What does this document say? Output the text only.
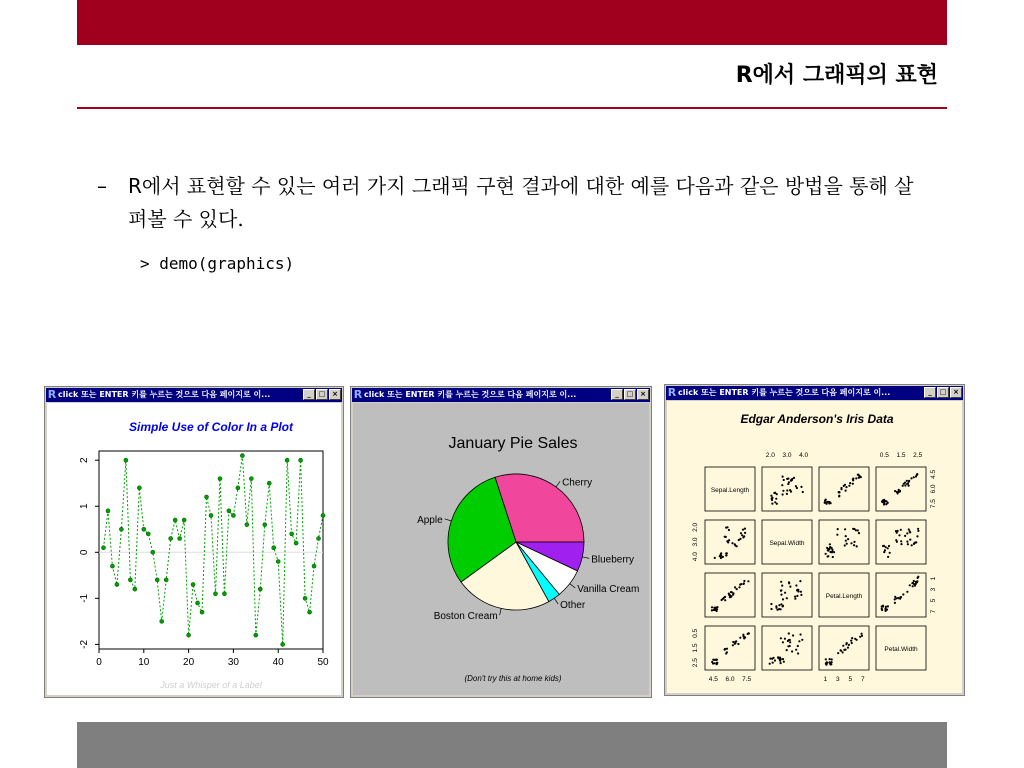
R에서 그래픽의 표현
– R에서 표현할 수 있는 여러 가지 그래픽 구현 결과에 대한 예를 다음과 같은 방법을 통해 살펴볼 수 있다.
> demo(graphics)
R click 또는 ENTER 키를 누르는 것으로 다음 페이지로 이...	_ □ ×
Simple Use of Color In a Plot
0	10	20	30	40	50
-2
-1
0
1
2
Just a Whisper of a Label
R click 또는 ENTER 키를 누르는 것으로 다음 페이지로 이...	_ □ ×
January Pie Sales
Cherry
Blueberry
Vanilla Cream
Other
Boston Cream
Apple
(Don't try this at home kids)
R click 또는 ENTER 키를 누르는 것으로 다음 페이지로 이...	_ □ ×
Edgar Anderson's Iris Data
Sepal.Length
Sepal.Width
Petal.Length
Petal.Width
2.0 3.0 4.0	0.5 1.5 2.5
4.5 6.0 7.5	1 3 5 7
2.0
3.0
4.0
0.5
1.5
2.5
4.5
6.0
7.5
1
3
5
7
